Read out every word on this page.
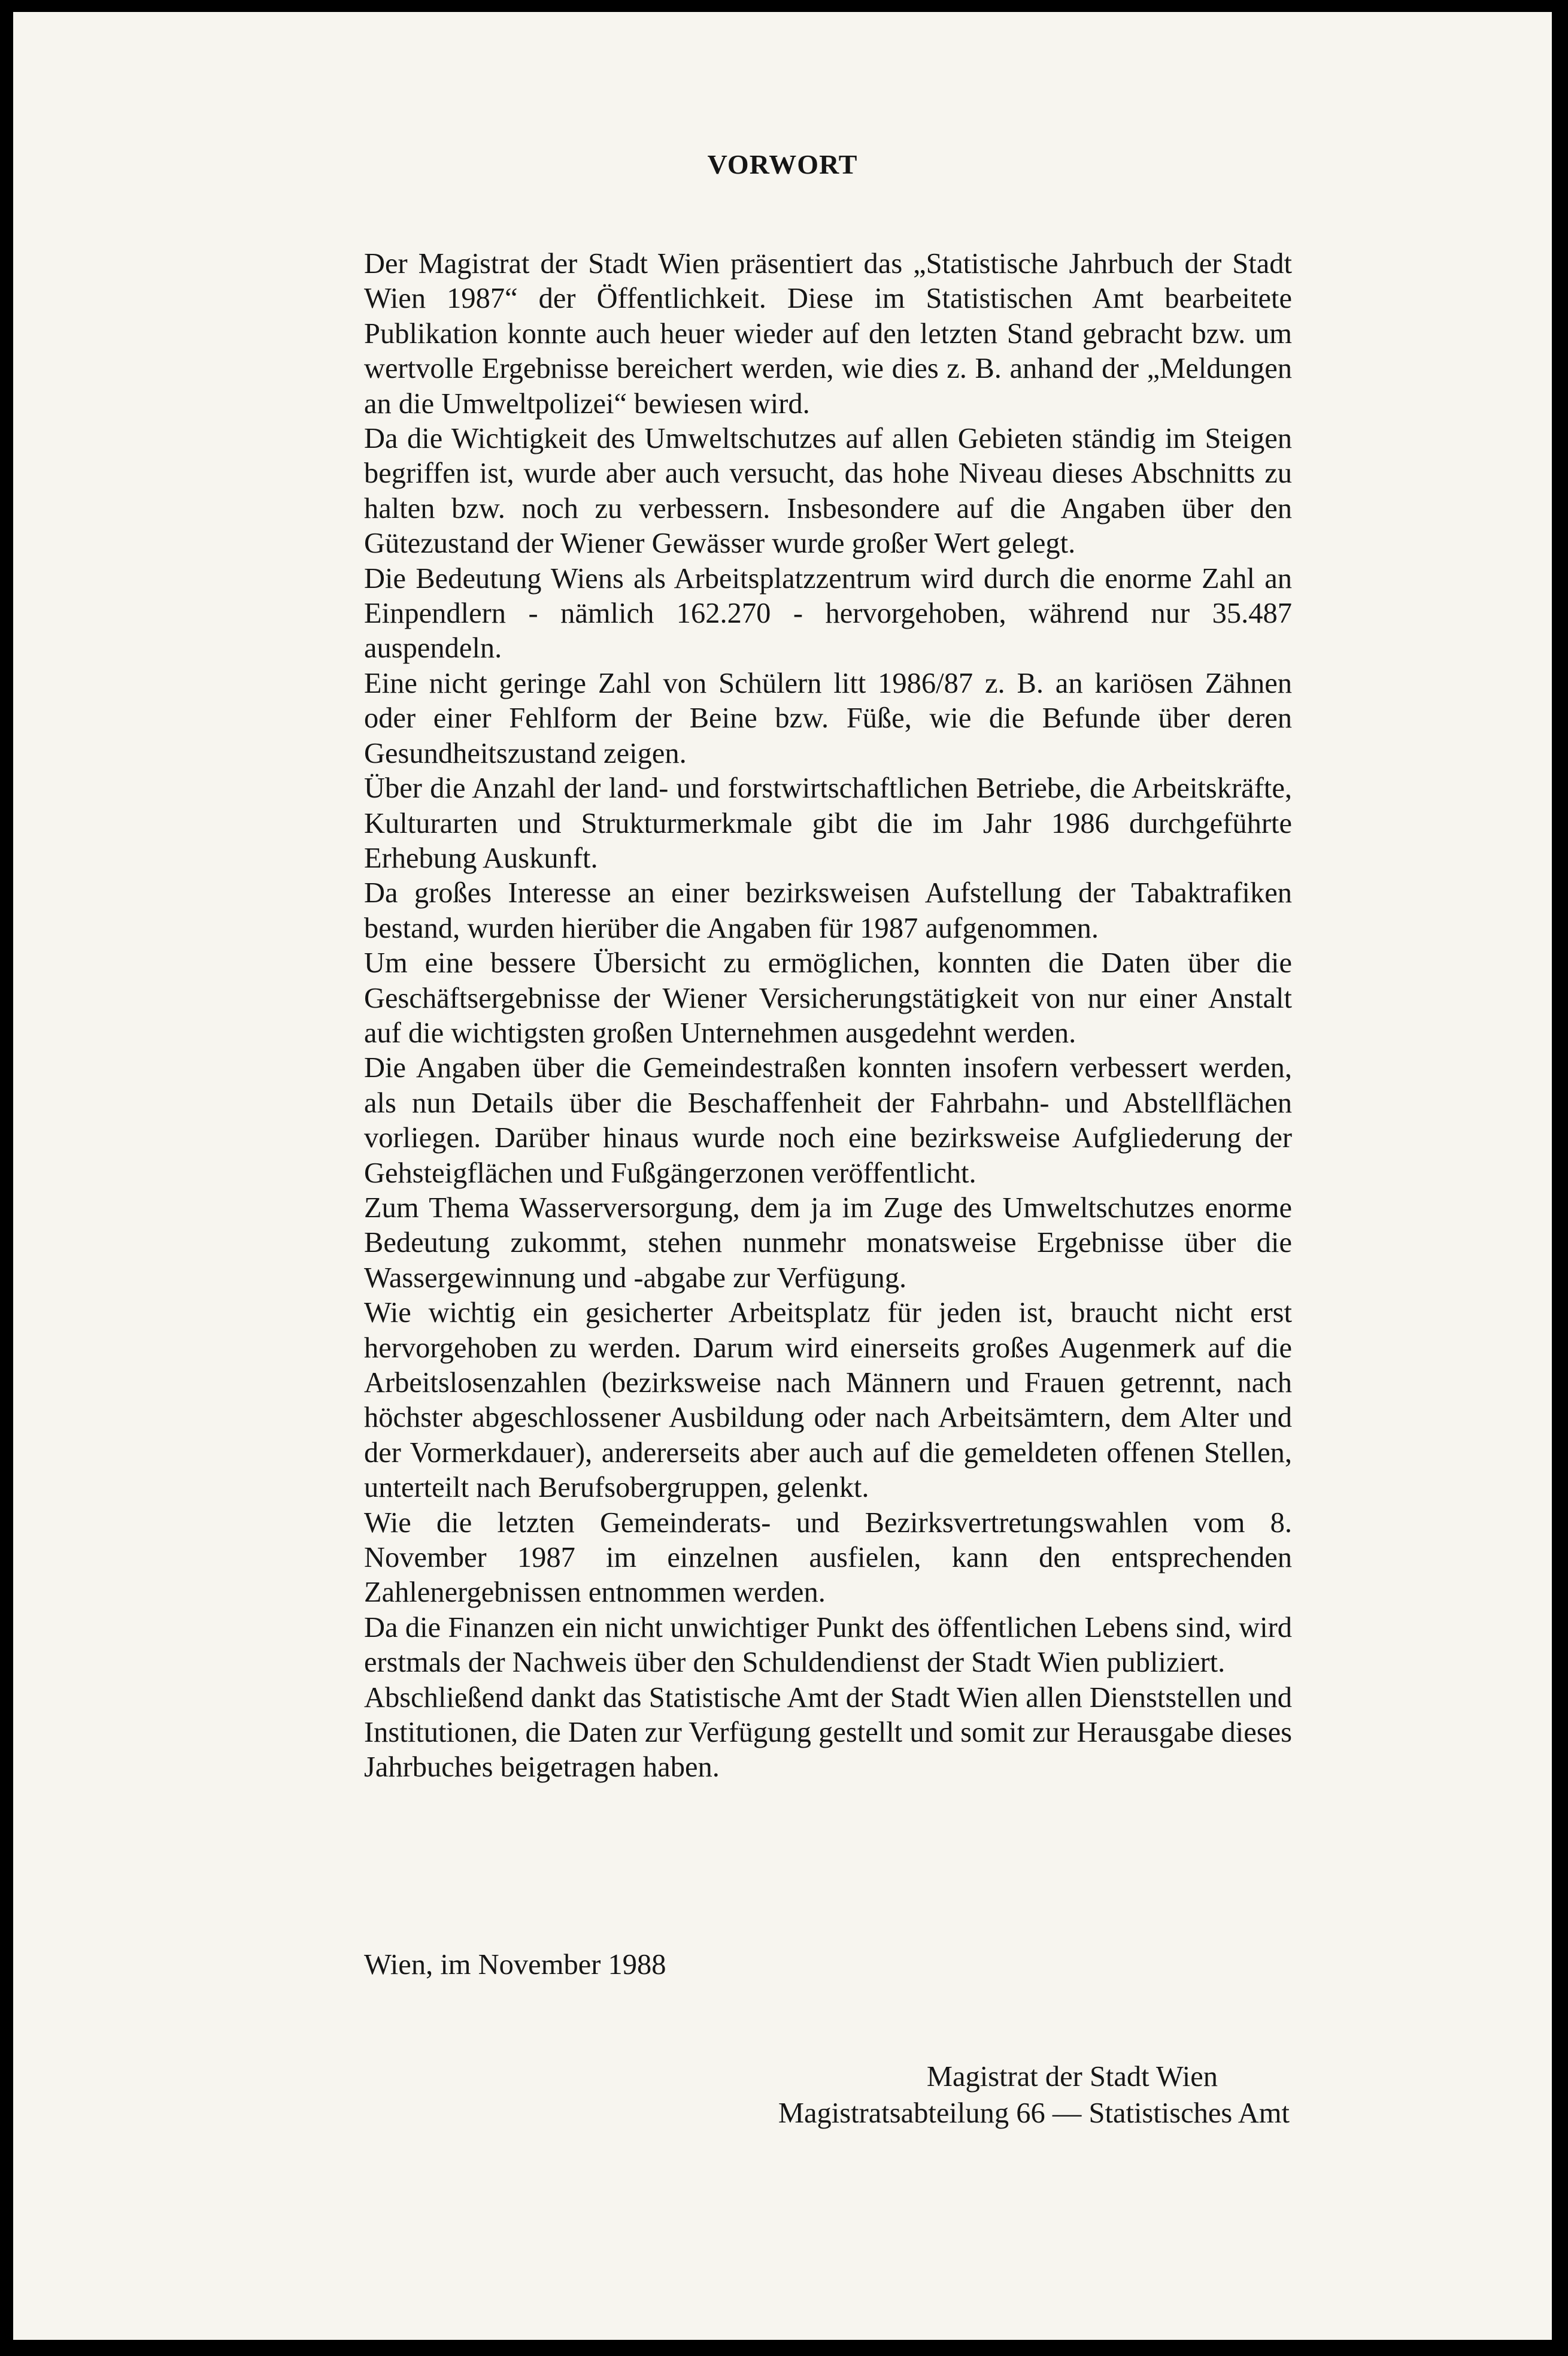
VORWORT

Der Magistrat der Stadt Wien präsentiert das „Statistische Jahrbuch der Stadt Wien 1987“ der Öffentlichkeit. Diese im Statistischen Amt bearbeitete Publikation konnte auch heuer wieder auf den letzten Stand gebracht bzw. um wertvolle Ergebnisse bereichert werden, wie dies z. B. anhand der „Meldungen an die Umweltpolizei“ bewiesen wird.

Da die Wichtigkeit des Umweltschutzes auf allen Gebieten ständig im Steigen begriffen ist, wurde aber auch versucht, das hohe Niveau dieses Abschnitts zu halten bzw. noch zu verbessern. Insbesondere auf die Angaben über den Gütezustand der Wiener Gewässer wurde großer Wert gelegt.

Die Bedeutung Wiens als Arbeitsplatzzentrum wird durch die enorme Zahl an Einpendlern - nämlich 162.270 - hervorgehoben, während nur 35.487 auspendeln.

Eine nicht geringe Zahl von Schülern litt 1986/87 z. B. an kariösen Zähnen oder einer Fehlform der Beine bzw. Füße, wie die Befunde über deren Gesundheitszustand zeigen.

Über die Anzahl der land- und forstwirtschaftlichen Betriebe, die Arbeitskräfte, Kulturarten und Strukturmerkmale gibt die im Jahr 1986 durchgeführte Erhebung Auskunft.

Da großes Interesse an einer bezirksweisen Aufstellung der Tabaktrafiken bestand, wurden hierüber die Angaben für 1987 aufgenommen.

Um eine bessere Übersicht zu ermöglichen, konnten die Daten über die Geschäftsergebnisse der Wiener Versicherungstätigkeit von nur einer Anstalt auf die wichtigsten großen Unternehmen ausgedehnt werden.

Die Angaben über die Gemeindestraßen konnten insofern verbessert werden, als nun Details über die Beschaffenheit der Fahrbahn- und Abstellflächen vorliegen. Darüber hinaus wurde noch eine bezirksweise Aufgliederung der Gehsteigflächen und Fußgängerzonen veröffentlicht.

Zum Thema Wasserversorgung, dem ja im Zuge des Umweltschutzes enorme Bedeutung zukommt, stehen nunmehr monatsweise Ergebnisse über die Wassergewinnung und -abgabe zur Verfügung.

Wie wichtig ein gesicherter Arbeitsplatz für jeden ist, braucht nicht erst hervorgehoben zu werden. Darum wird einerseits großes Augenmerk auf die Arbeitslosenzahlen (bezirksweise nach Männern und Frauen getrennt, nach höchster abgeschlossener Ausbildung oder nach Arbeitsämtern, dem Alter und der Vormerkdauer), andererseits aber auch auf die gemeldeten offenen Stellen, unterteilt nach Berufsobergruppen, gelenkt.

Wie die letzten Gemeinderats- und Bezirksvertretungswahlen vom 8. November 1987 im einzelnen ausfielen, kann den entsprechenden Zahlenergebnissen entnommen werden.

Da die Finanzen ein nicht unwichtiger Punkt des öffentlichen Lebens sind, wird erstmals der Nachweis über den Schuldendienst der Stadt Wien publiziert.

Abschließend dankt das Statistische Amt der Stadt Wien allen Dienststellen und Institutionen, die Daten zur Verfügung gestellt und somit zur Herausgabe dieses Jahrbuches beigetragen haben.

Wien, im November 1988
Magistrat der Stadt Wien
Magistratsabteilung 66 — Statistisches Amt
